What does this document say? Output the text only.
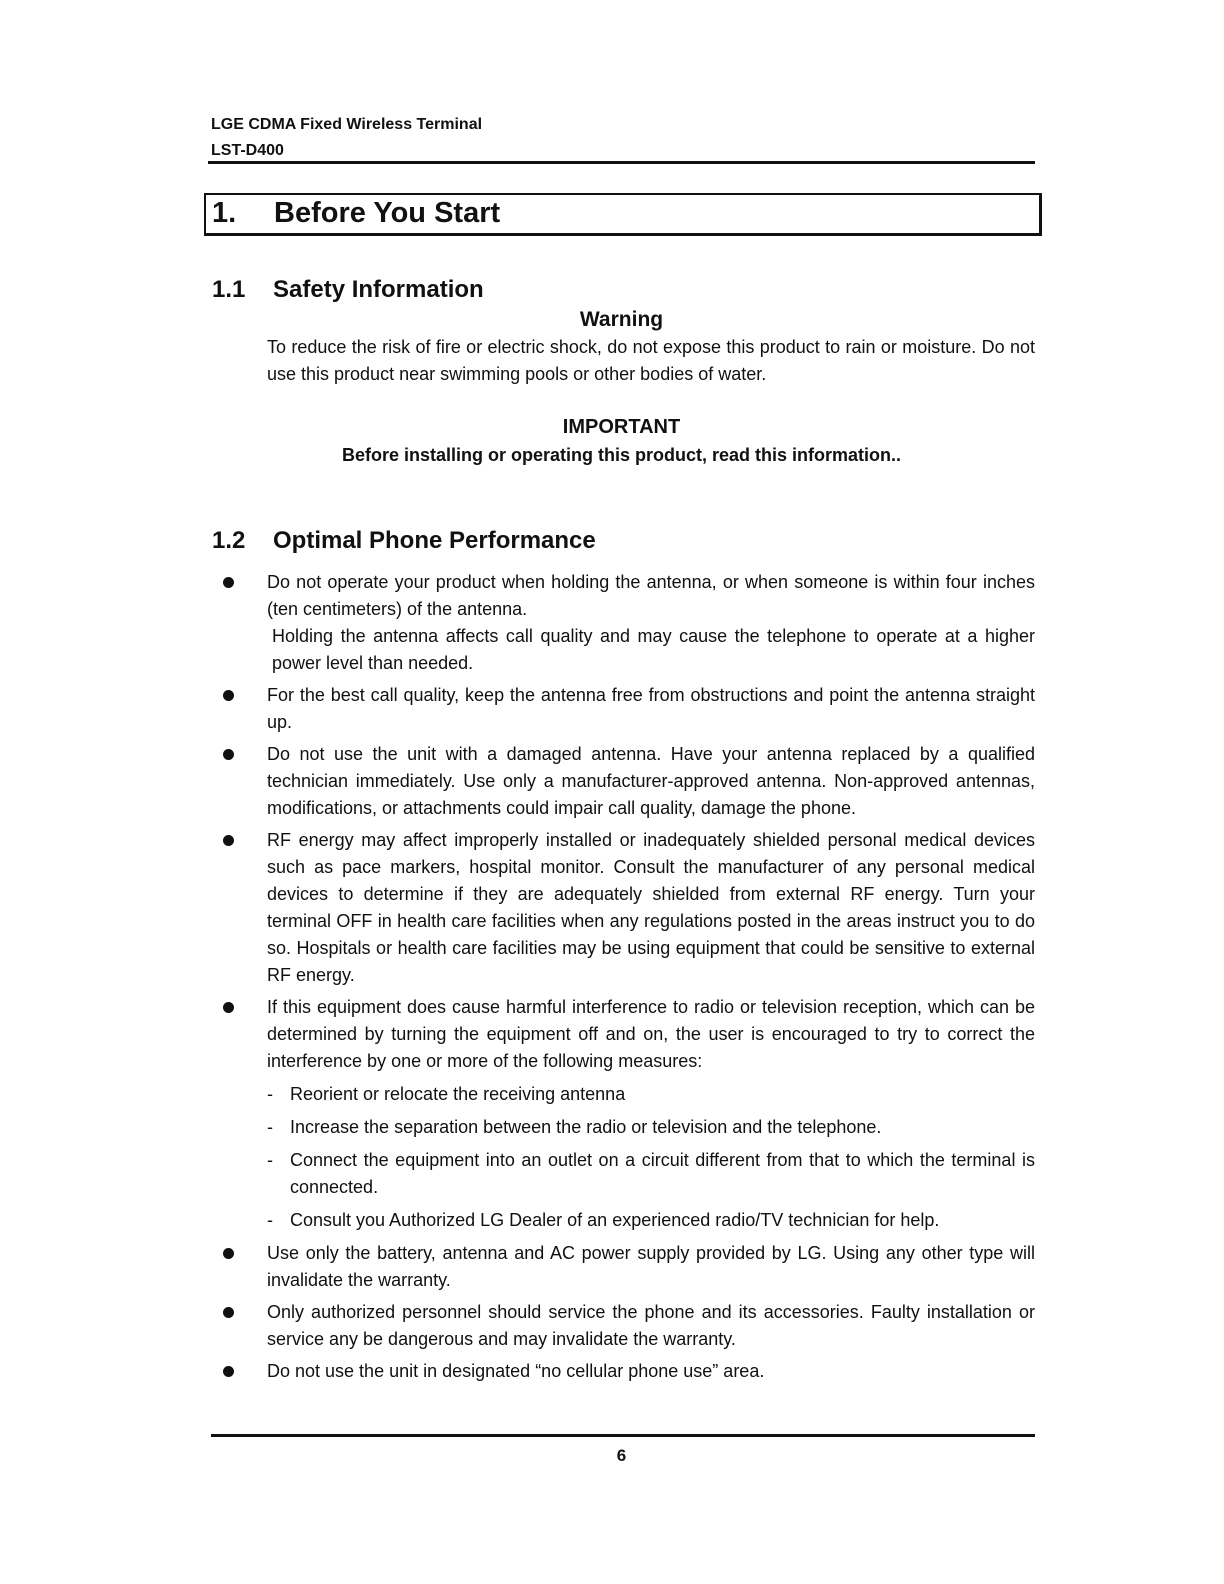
LGE CDMA Fixed Wireless Terminal
LST-D400
1. Before You Start
1.1 Safety Information
Warning
To reduce the risk of fire or electric shock, do not expose this product to rain or moisture. Do not use this product near swimming pools or other bodies of water.
IMPORTANT
Before installing or operating this product, read this information..
1.2 Optimal Phone Performance
Do not operate your product when holding the antenna, or when someone is within four inches (ten centimeters) of the antenna.
Holding the antenna affects call quality and may cause the telephone to operate at a higher power level than needed.
For the best call quality, keep the antenna free from obstructions and point the antenna straight up.
Do not use the unit with a damaged antenna. Have your antenna replaced by a qualified technician immediately. Use only a manufacturer-approved antenna. Non-approved antennas, modifications, or attachments could impair call quality, damage the phone.
RF energy may affect improperly installed or inadequately shielded personal medical devices such as pace markers, hospital monitor. Consult the manufacturer of any personal medical devices to determine if they are adequately shielded from external RF energy. Turn your terminal OFF in health care facilities when any regulations posted in the areas instruct you to do so. Hospitals or health care facilities may be using equipment that could be sensitive to external RF energy.
If this equipment does cause harmful interference to radio or television reception, which can be determined by turning the equipment off and on, the user is encouraged to try to correct the interference by one or more of the following measures:
- Reorient or relocate the receiving antenna
- Increase the separation between the radio or television and the telephone.
- Connect the equipment into an outlet on a circuit different from that to which the terminal is connected.
- Consult you Authorized LG Dealer of an experienced radio/TV technician for help.
Use only the battery, antenna and AC power supply provided by LG. Using any other type will invalidate the warranty.
Only authorized personnel should service the phone and its accessories. Faulty installation or service any be dangerous and may invalidate the warranty.
Do not use the unit in designated “no cellular phone use” area.
6
